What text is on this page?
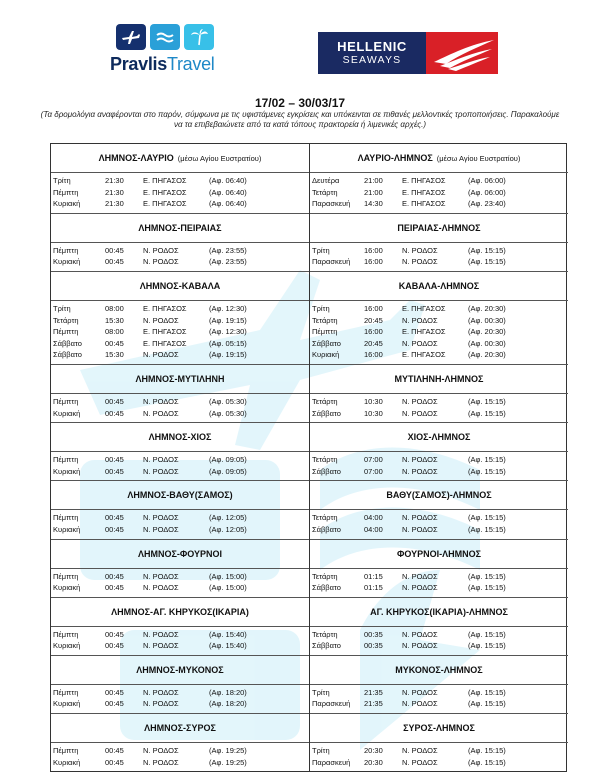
PravlisTravel
HELLENIC
SEAWAYS
17/02 – 30/03/17
(Τα δρομολόγια αναφέρονται στο παρόν, σύμφωνα με τις υφιστάμενες εγκρίσεις και υπόκεινται σε πιθανές μελλοντικές τροποποιήσεις. Παρακαλούμε να τα επιβεβαιώνετε από τα κατά τόπους πρακτορεία ή λιμενικές αρχές.)
ΛΗΜΝΟΣ-ΛΑΥΡΙΟ (μέσω Αγίου Ευστρατίου)
Τρίτη	21:30	Ε. ΠΗΓΑΣΟΣ	(Αφ. 06:40)
Πέμπτη	21:30	Ε. ΠΗΓΑΣΟΣ	(Αφ. 06:40)
Κυριακή	21:30	Ε. ΠΗΓΑΣΟΣ	(Αφ. 06:40)
ΛΗΜΝΟΣ-ΠΕΙΡΑΙΑΣ
Πέμπτη	00:45	Ν. ΡΟΔΟΣ	(Αφ. 23:55)
Κυριακή	00:45	Ν. ΡΟΔΟΣ	(Αφ. 23:55)
ΛΗΜΝΟΣ-ΚΑΒΑΛΑ
Τρίτη	08:00	Ε. ΠΗΓΑΣΟΣ	(Αφ. 12:30)
Τετάρτη	15:30	Ν. ΡΟΔΟΣ	(Αφ. 19:15)
Πέμπτη	08:00	Ε. ΠΗΓΑΣΟΣ	(Αφ. 12:30)
Σάββατο	00:45	Ε. ΠΗΓΑΣΟΣ	(Αφ. 05:15)
Σάββατο	15:30	Ν. ΡΟΔΟΣ	(Αφ. 19:15)
ΛΗΜΝΟΣ-ΜΥΤΙΛΗΝΗ
Πέμπτη	00:45	Ν. ΡΟΔΟΣ	(Αφ. 05:30)
Κυριακή	00:45	Ν. ΡΟΔΟΣ	(Αφ. 05:30)
ΛΗΜΝΟΣ-ΧΙΟΣ
Πέμπτη	00:45	Ν. ΡΟΔΟΣ	(Αφ. 09:05)
Κυριακή	00:45	Ν. ΡΟΔΟΣ	(Αφ. 09:05)
ΛΗΜΝΟΣ-ΒΑΘΥ(ΣΑΜΟΣ)
Πέμπτη	00:45	Ν. ΡΟΔΟΣ	(Αφ. 12:05)
Κυριακή	00:45	Ν. ΡΟΔΟΣ	(Αφ. 12:05)
ΛΗΜΝΟΣ-ΦΟΥΡΝΟΙ
Πέμπτη	00:45	Ν. ΡΟΔΟΣ	(Αφ. 15:00)
Κυριακή	00:45	Ν. ΡΟΔΟΣ	(Αφ. 15:00)
ΛΗΜΝΟΣ-ΑΓ. ΚΗΡΥΚΟΣ(ΙΚΑΡΙΑ)
Πέμπτη	00:45	Ν. ΡΟΔΟΣ	(Αφ. 15:40)
Κυριακή	00:45	Ν. ΡΟΔΟΣ	(Αφ. 15:40)
ΛΗΜΝΟΣ-ΜΥΚΟΝΟΣ
Πέμπτη	00:45	Ν. ΡΟΔΟΣ	(Αφ. 18:20)
Κυριακή	00:45	Ν. ΡΟΔΟΣ	(Αφ. 18:20)
ΛΗΜΝΟΣ-ΣΥΡΟΣ
Πέμπτη	00:45	Ν. ΡΟΔΟΣ	(Αφ. 19:25)
Κυριακή	00:45	Ν. ΡΟΔΟΣ	(Αφ. 19:25)
ΛΑΥΡΙΟ-ΛΗΜΝΟΣ (μέσω Αγίου Ευστρατίου)
Δευτέρα	21:00	Ε. ΠΗΓΑΣΟΣ	(Αφ. 06:00)
Τετάρτη	21:00	Ε. ΠΗΓΑΣΟΣ	(Αφ. 06:00)
Παρασκευή	14:30	Ε. ΠΗΓΑΣΟΣ	(Αφ. 23:40)
ΠΕΙΡΑΙΑΣ-ΛΗΜΝΟΣ
Τρίτη	16:00	Ν. ΡΟΔΟΣ	(Αφ. 15:15)
Παρασκευή	16:00	Ν. ΡΟΔΟΣ	(Αφ. 15:15)
ΚΑΒΑΛΑ-ΛΗΜΝΟΣ
Τρίτη	16:00	Ε. ΠΗΓΑΣΟΣ	(Αφ. 20:30)
Τετάρτη	20:45	Ν. ΡΟΔΟΣ	(Αφ. 00:30)
Πέμπτη	16:00	Ε. ΠΗΓΑΣΟΣ	(Αφ. 20:30)
Σάββατο	20:45	Ν. ΡΟΔΟΣ	(Αφ. 00:30)
Κυριακή	16:00	Ε. ΠΗΓΑΣΟΣ	(Αφ. 20:30)
ΜΥΤΙΛΗΝΗ-ΛΗΜΝΟΣ
Τετάρτη	10:30	Ν. ΡΟΔΟΣ	(Αφ. 15:15)
Σάββατο	10:30	Ν. ΡΟΔΟΣ	(Αφ. 15:15)
ΧΙΟΣ-ΛΗΜΝΟΣ
Τετάρτη	07:00	Ν. ΡΟΔΟΣ	(Αφ. 15:15)
Σάββατο	07:00	Ν. ΡΟΔΟΣ	(Αφ. 15:15)
ΒΑΘΥ(ΣΑΜΟΣ)-ΛΗΜΝΟΣ
Τετάρτη	04:00	Ν. ΡΟΔΟΣ	(Αφ. 15:15)
Σάββατο	04:00	Ν. ΡΟΔΟΣ	(Αφ. 15:15)
ΦΟΥΡΝΟΙ-ΛΗΜΝΟΣ
Τετάρτη	01:15	Ν. ΡΟΔΟΣ	(Αφ. 15:15)
Σάββατο	01:15	Ν. ΡΟΔΟΣ	(Αφ. 15:15)
ΑΓ. ΚΗΡΥΚΟΣ(ΙΚΑΡΙΑ)-ΛΗΜΝΟΣ
Τετάρτη	00:35	Ν. ΡΟΔΟΣ	(Αφ. 15:15)
Σάββατο	00:35	Ν. ΡΟΔΟΣ	(Αφ. 15:15)
ΜΥΚΟΝΟΣ-ΛΗΜΝΟΣ
Τρίτη	21:35	Ν. ΡΟΔΟΣ	(Αφ. 15:15)
Παρασκευή	21:35	Ν. ΡΟΔΟΣ	(Αφ. 15:15)
ΣΥΡΟΣ-ΛΗΜΝΟΣ
Τρίτη	20:30	Ν. ΡΟΔΟΣ	(Αφ. 15:15)
Παρασκευή	20:30	Ν. ΡΟΔΟΣ	(Αφ. 15:15)
